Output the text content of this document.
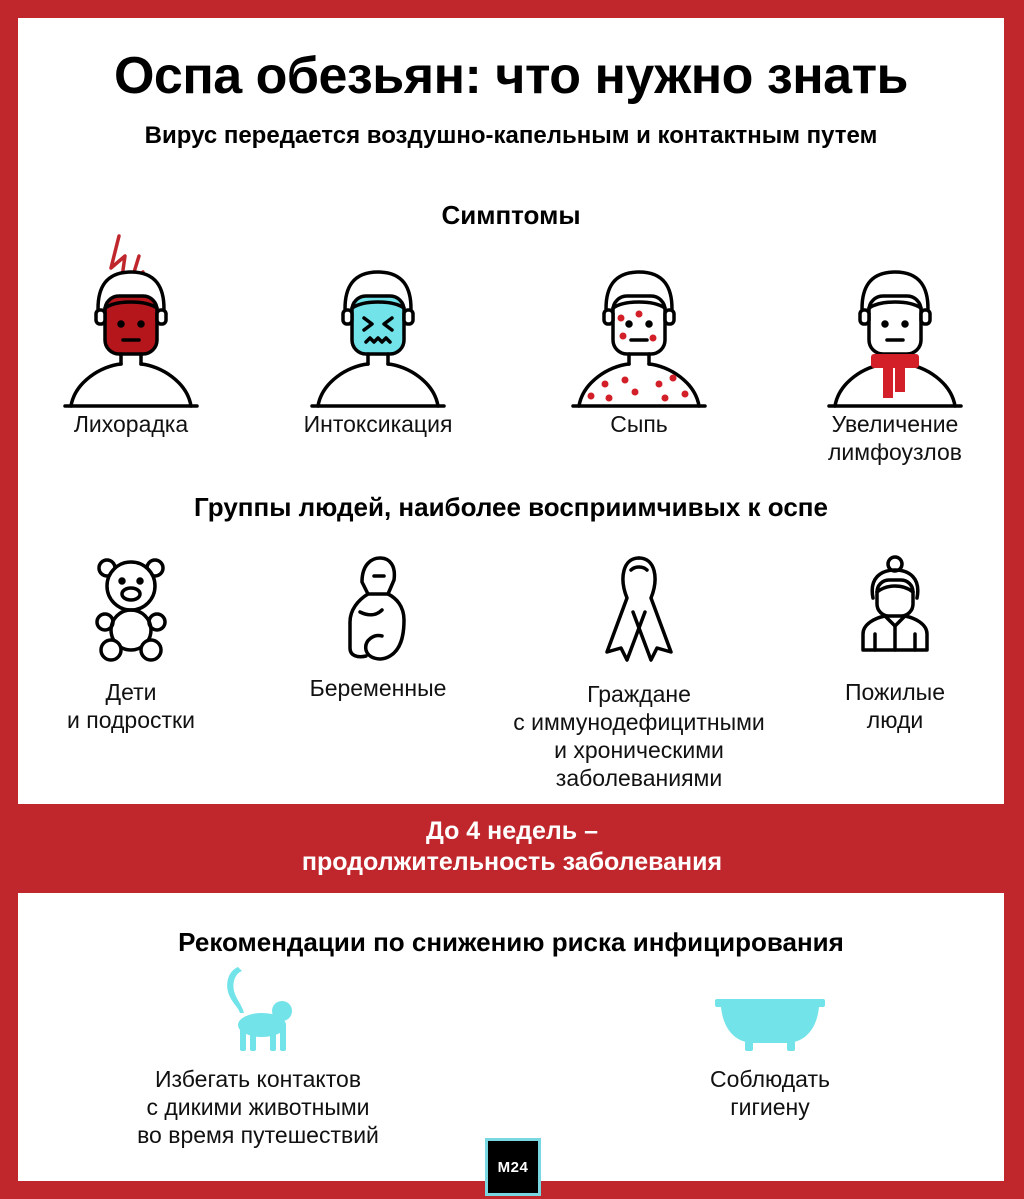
Оспа обезьян: что нужно знать
Вирус передается воздушно-капельным и контактным путем
Симптомы
Лихорадка	Интоксикация	Сыпь	Увеличение
лимфоузлов
Группы людей, наиболее восприимчивых к оспе
Дети
и подростки
Беременные	Граждане
с иммунодефицитными
и хроническими
заболеваниями
Пожилые
люди
До 4 недель –
продолжительность заболевания
Рекомендации по снижению риска инфицирования
Избегать контактов
с дикими животными
во время путешествий
Соблюдать
гигиену
M24
